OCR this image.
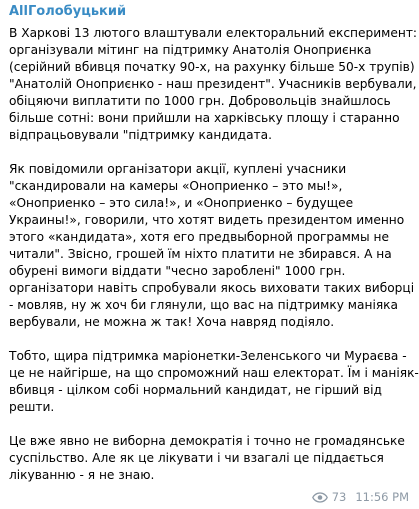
AllГолобуцький
В Харкові 13 лютого влаштували електоральний експеримент:
організували мітинг на підтримку Анатолія Оноприєнка
(серійний вбивця початку 90-х, на рахунку більше 50-х трупів)
"Анатолій Оноприєнко - наш президент". Учасників вербували,
обіцяючи виплатити по 1000 грн. Добровольців знайшлось
більше сотні: вони прийшли на харківську площу і старанно
відпрацьовували "підтримку кандидата.
Як повідомили організатори акції, куплені учасники
"скандировали на камеры «Оноприенко – это мы!»,
«Оноприенко – это сила!», и «Оноприенко – будущее
Украины!», говорили, что хотят видеть президентом именно
этого «кандидата», хотя его предвыборной программы не
читали". Звісно, грошей їм ніхто платити не збирався. А на
обурені вимоги віддати "чесно зароблені" 1000 грн.
організатори навіть спробували якось виховати таких виборці
- мовляв, ну ж хоч би глянули, що вас на підтримку маніяка
вербували, не можна ж так! Хоча навряд подіяло.
Тобто, щира підтримка маріонетки-Зеленського чи Мураєва -
це не найгірше, на що спроможний наш електорат. Їм і маніяк-
вбивця - цілком собі нормальний кандидат, не гірший від
решти.
Це вже явно не виборна демократія і точно не громадянське
суспільство. Але як це лікувати і чи взагалі це піддається
лікуванню - я не знаю.
73 11:56 PM
